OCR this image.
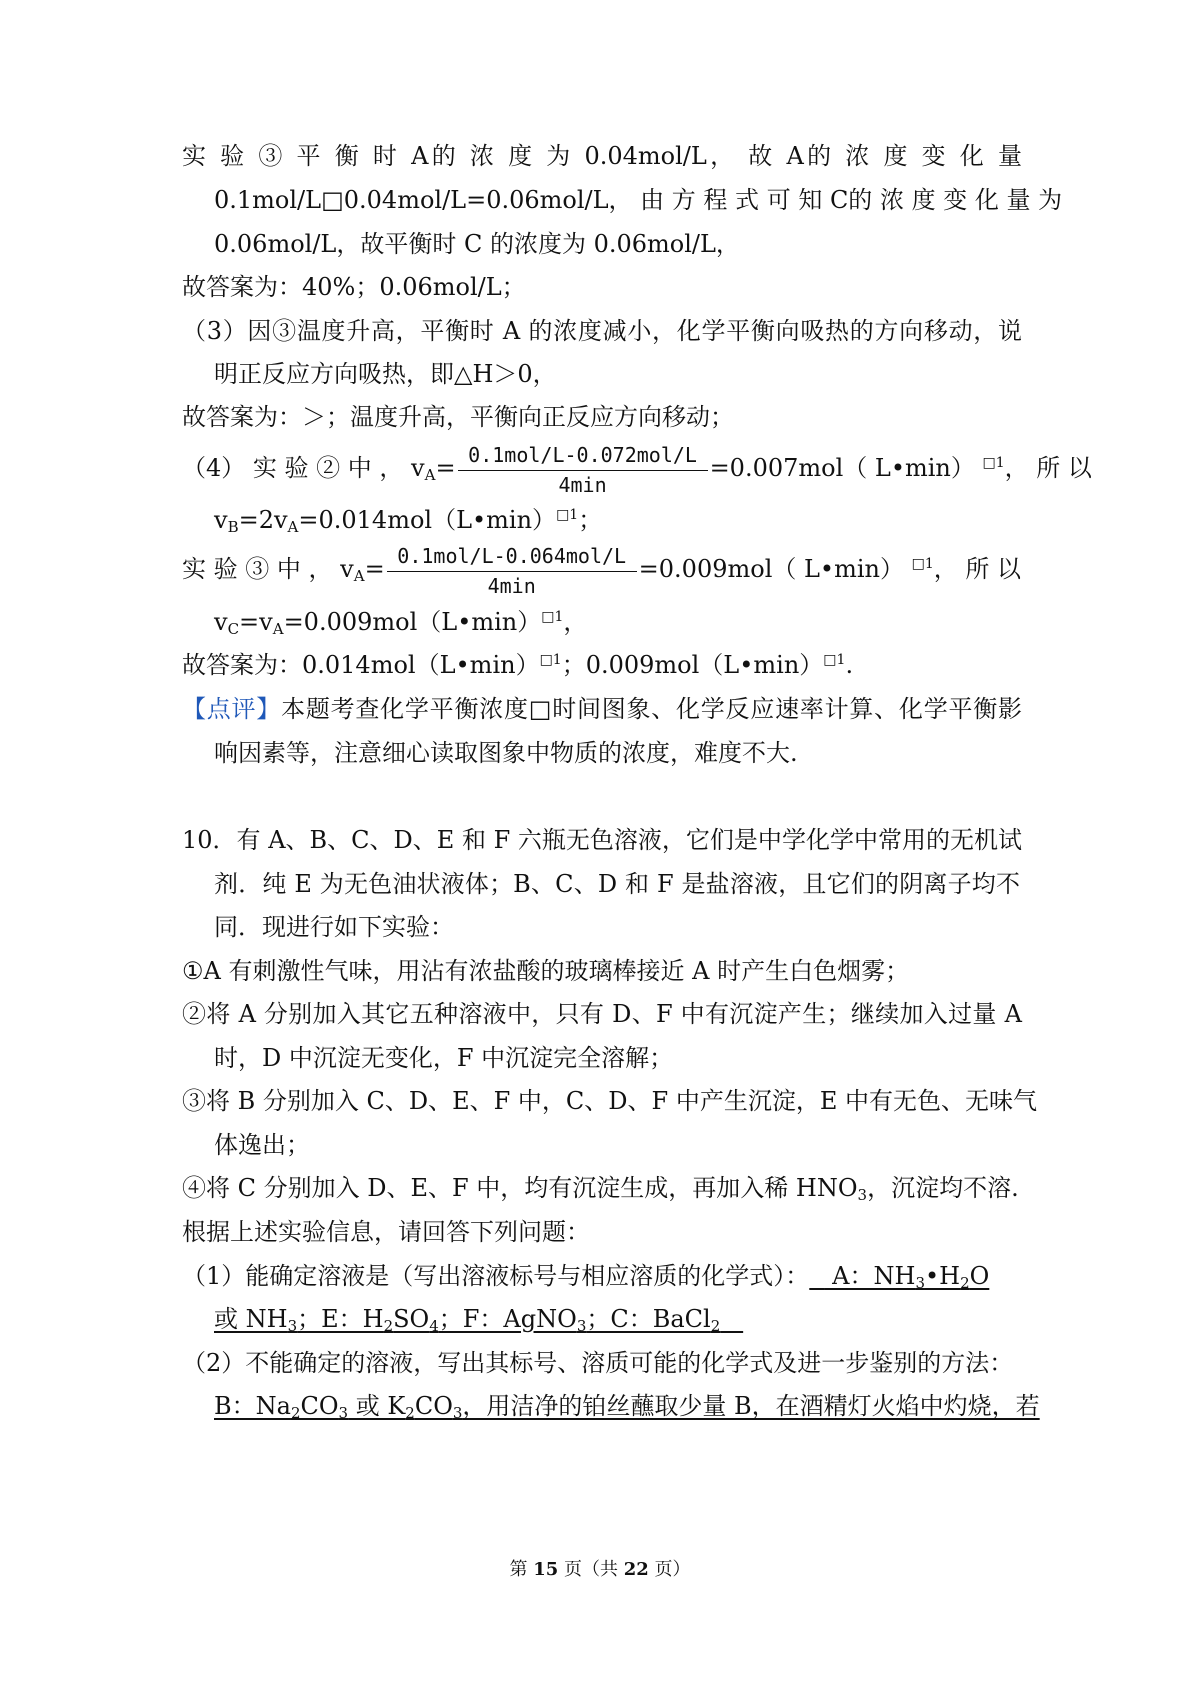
实 验 ③ 平 衡 时 A的 浓 度 为 0.04mol/L， 故 A的 浓 度 变 化 量
0.1mol/L□0.04mol/L=0.06mol/L， 由 方 程 式 可 知 C的 浓 度 变 化 量 为
0.06mol/L，故平衡时 C 的浓度为 0.06mol/L，
故答案为：40%；0.06mol/L；
（3）因③温度升高，平衡时 A 的浓度减小，化学平衡向吸热的方向移动，说
明正反应方向吸热，即△H＞0，
故答案为：＞；温度升高，平衡向正反应方向移动；
（4） 实 验 ② 中 ， $v_A= \frac{\text{0.1mol/L-0.072mol/L}}{4\min} =0.007mol$（ L•min） $^{□1}$， 所 以
$v_B=2v_A=0.014mol(L•\min)^{□1}$；
实 验 ③ 中 ， $v_A= \frac{\text{0.1mol/L-0.064mol/L}}{4\min} =0.009mol$（ L•min） $^{□1}$， 所 以
$v_C=v_A=0.009mol(L•\min)^{□1}$，
故答案为：0.014mol（L•min）$^{□1}$；0.009mol（L•min）$^{□1}$.
【点评】本题考查化学平衡浓度□时间图象、化学反应速率计算、化学平衡影
响因素等，注意细心读取图象中物质的浓度，难度不大.
10．有 A、B、C、D、E 和 F 六瓶无色溶液，它们是中学化学中常用的无机试
剂．纯 E 为无色油状液体；B、C、D 和 F 是盐溶液，且它们的阴离子均不
同．现进行如下实验：
①A 有刺激性气味，用沾有浓盐酸的玻璃棒接近 A 时产生白色烟雾；
②将 A 分别加入其它五种溶液中，只有 D、F 中有沉淀产生；继续加入过量 A
时，D 中沉淀无变化，F 中沉淀完全溶解；
③将 B 分别加入 C、D、E、F 中，C、D、F 中产生沉淀，E 中有无色、无味气
体逸出；
④将 C 分别加入 D、E、F 中，均有沉淀生成，再加入稀 $HNO_3$，沉淀均不溶.
根据上述实验信息，请回答下列问题：
（1）能确定溶液是（写出溶液标号与相应溶质的化学式）：   A：$NH_3•H_2O$
或 $NH_3$；E：$H_2SO_4$；F：AgNO$_3$；C：BaCl$_2$
（2）不能确定的溶液，写出其标号、溶质可能的化学式及进一步鉴别的方法：
B：$Na_2CO_3$ 或 $K_2CO_3$，用洁净的铂丝蘸取少量 B，在酒精灯火焰中灼烧，若
第 15 页（共 22 页）
